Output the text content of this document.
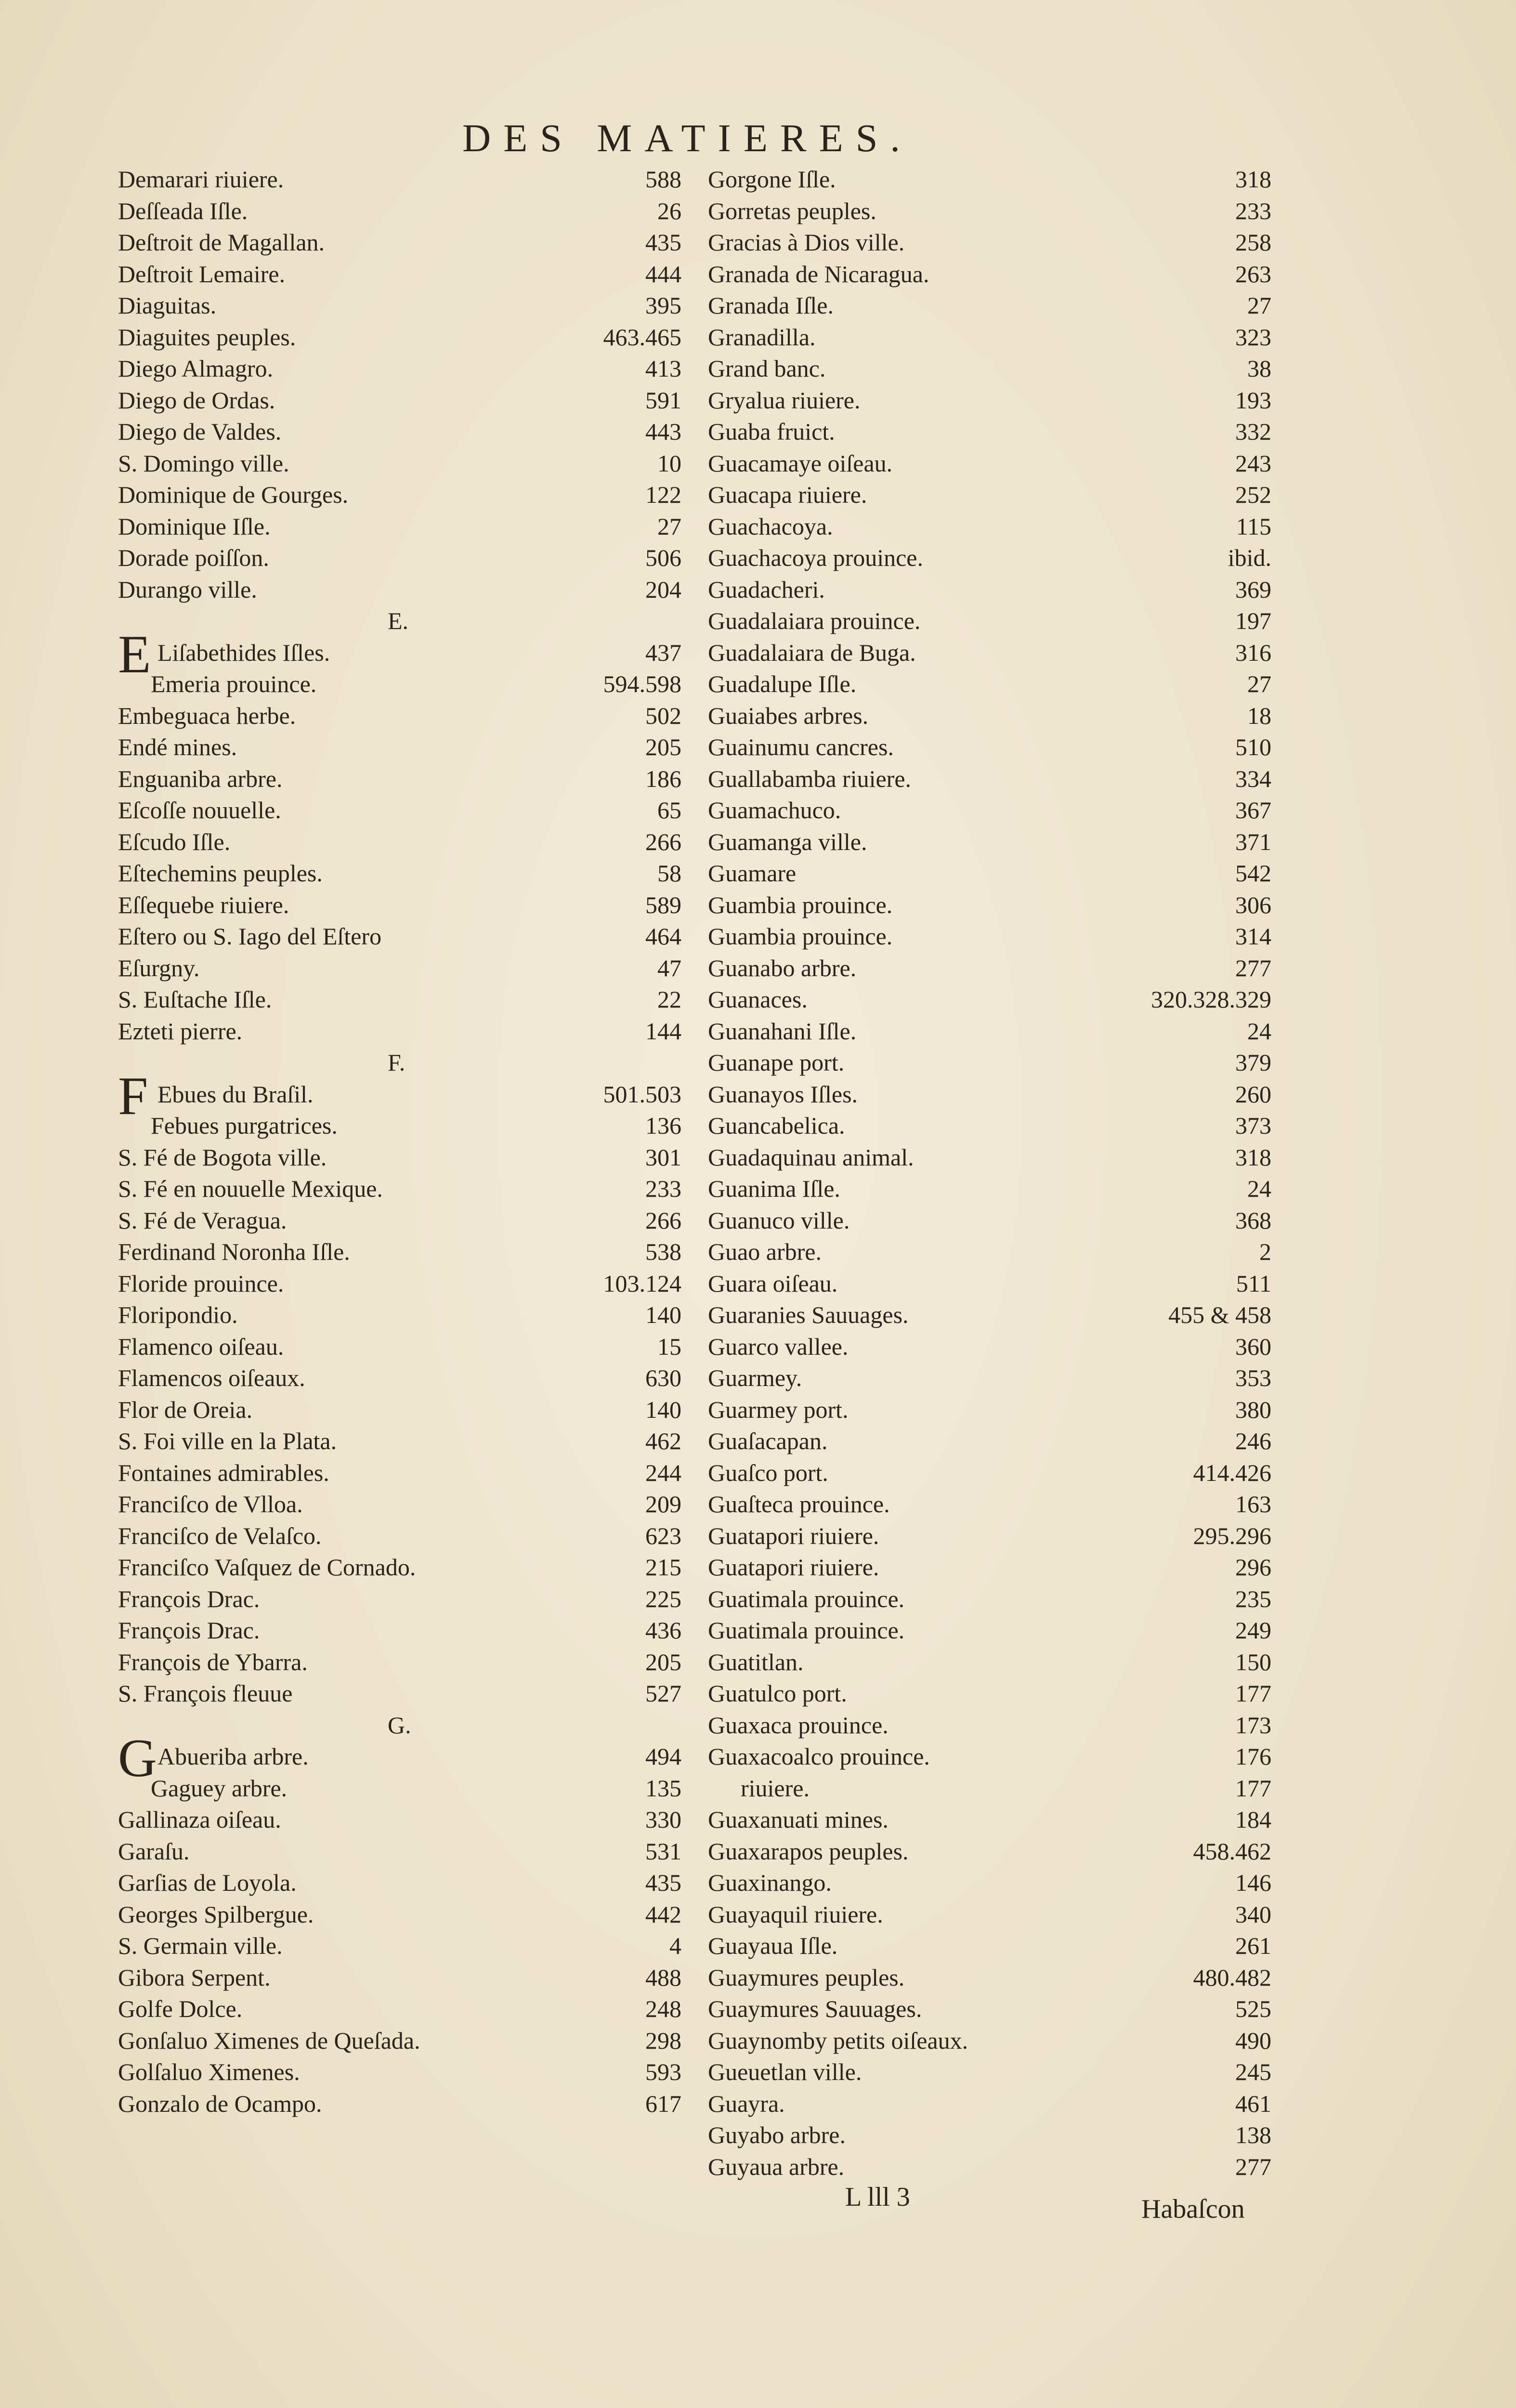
DES MATIERES.
Demarari riuiere.	588
Deſſeada Iſle.	26
Deſtroit de Magallan.	435
Deſtroit Lemaire.	444
Diaguitas.	395
Diaguites peuples.	463.465
Diego Almagro.	413
Diego de Ordas.	591
Diego de Valdes.	443
S. Domingo ville.	10
Dominique de Gourges.	122
Dominique Iſle.	27
Dorade poiſſon.	506
Durango ville.	204
E.
E Liſabethides Iſles.	437
Emeria prouince.	594.598
Embeguaca herbe.	502
Endé mines.	205
Enguaniba arbre.	186
Eſcoſſe nouuelle.	65
Eſcudo Iſle.	266
Eſtechemins peuples.	58
Eſſequebe riuiere.	589
Eſtero ou S. Iago del Eſtero	464
Eſurgny.	47
S. Euſtache Iſle.	22
Ezteti pierre.	144
F.
F Ebues du Braſil.	501.503
Febues purgatrices.	136
S. Fé de Bogota ville.	301
S. Fé en nouuelle Mexique.	233
S. Fé de Veragua.	266
Ferdinand Noronha Iſle.	538
Floride prouince.	103.124
Floripondio.	140
Flamenco oiſeau.	15
Flamencos oiſeaux.	630
Flor de Oreia.	140
S. Foi ville en la Plata.	462
Fontaines admirables.	244
Franciſco de Vlloa.	209
Franciſco de Velaſco.	623
Franciſco Vaſquez de Cornado.	215
François Drac.	225
François Drac.	436
François de Ybarra.	205
S. François fleuue	527
G.
G Abueriba arbre.	494
Gaguey arbre.	135
Gallinaza oiſeau.	330
Garaſu.	531
Garſias de Loyola.	435
Georges Spilbergue.	442
S. Germain ville.	4
Gibora Serpent.	488
Golfe Dolce.	248
Gonſaluo Ximenes de Queſada.	298
Golſaluo Ximenes.	593
Gonzalo de Ocampo.	617
Gorgone Iſle.	318
Gorretas peuples.	233
Gracias à Dios ville.	258
Granada de Nicaragua.	263
Granada Iſle.	27
Granadilla.	323
Grand banc.	38
Gryalua riuiere.	193
Guaba fruict.	332
Guacamaye oiſeau.	243
Guacapa riuiere.	252
Guachacoya.	115
Guachacoya prouince.	ibid.
Guadacheri.	369
Guadalaiara prouince.	197
Guadalaiara de Buga.	316
Guadalupe Iſle.	27
Guaiabes arbres.	18
Guainumu cancres.	510
Guallabamba riuiere.	334
Guamachuco.	367
Guamanga ville.	371
Guamare	542
Guambia prouince.	306
Guambia prouince.	314
Guanabo arbre.	277
Guanaces.	320.328.329
Guanahani Iſle.	24
Guanape port.	379
Guanayos Iſles.	260
Guancabelica.	373
Guadaquinau animal.	318
Guanima Iſle.	24
Guanuco ville.	368
Guao arbre.	2
Guara oiſeau.	511
Guaranies Sauuages.	455 & 458
Guarco vallee.	360
Guarmey.	353
Guarmey port.	380
Guaſacapan.	246
Guaſco port.	414.426
Guaſteca prouince.	163
Guatapori riuiere.	295.296
Guatapori riuiere.	296
Guatimala prouince.	235
Guatimala prouince.	249
Guatitlan.	150
Guatulco port.	177
Guaxaca prouince.	173
Guaxacoalco prouince.	176
riuiere.	177
Guaxanuati mines.	184
Guaxarapos peuples.	458.462
Guaxinango.	146
Guayaquil riuiere.	340
Guayaua Iſle.	261
Guaymures peuples.	480.482
Guaymures Sauuages.	525
Guaynomby petits oiſeaux.	490
Gueuetlan ville.	245
Guayra.	461
Guyabo arbre.	138
Guyaua arbre.	277
L lll 3	Habaſcon
